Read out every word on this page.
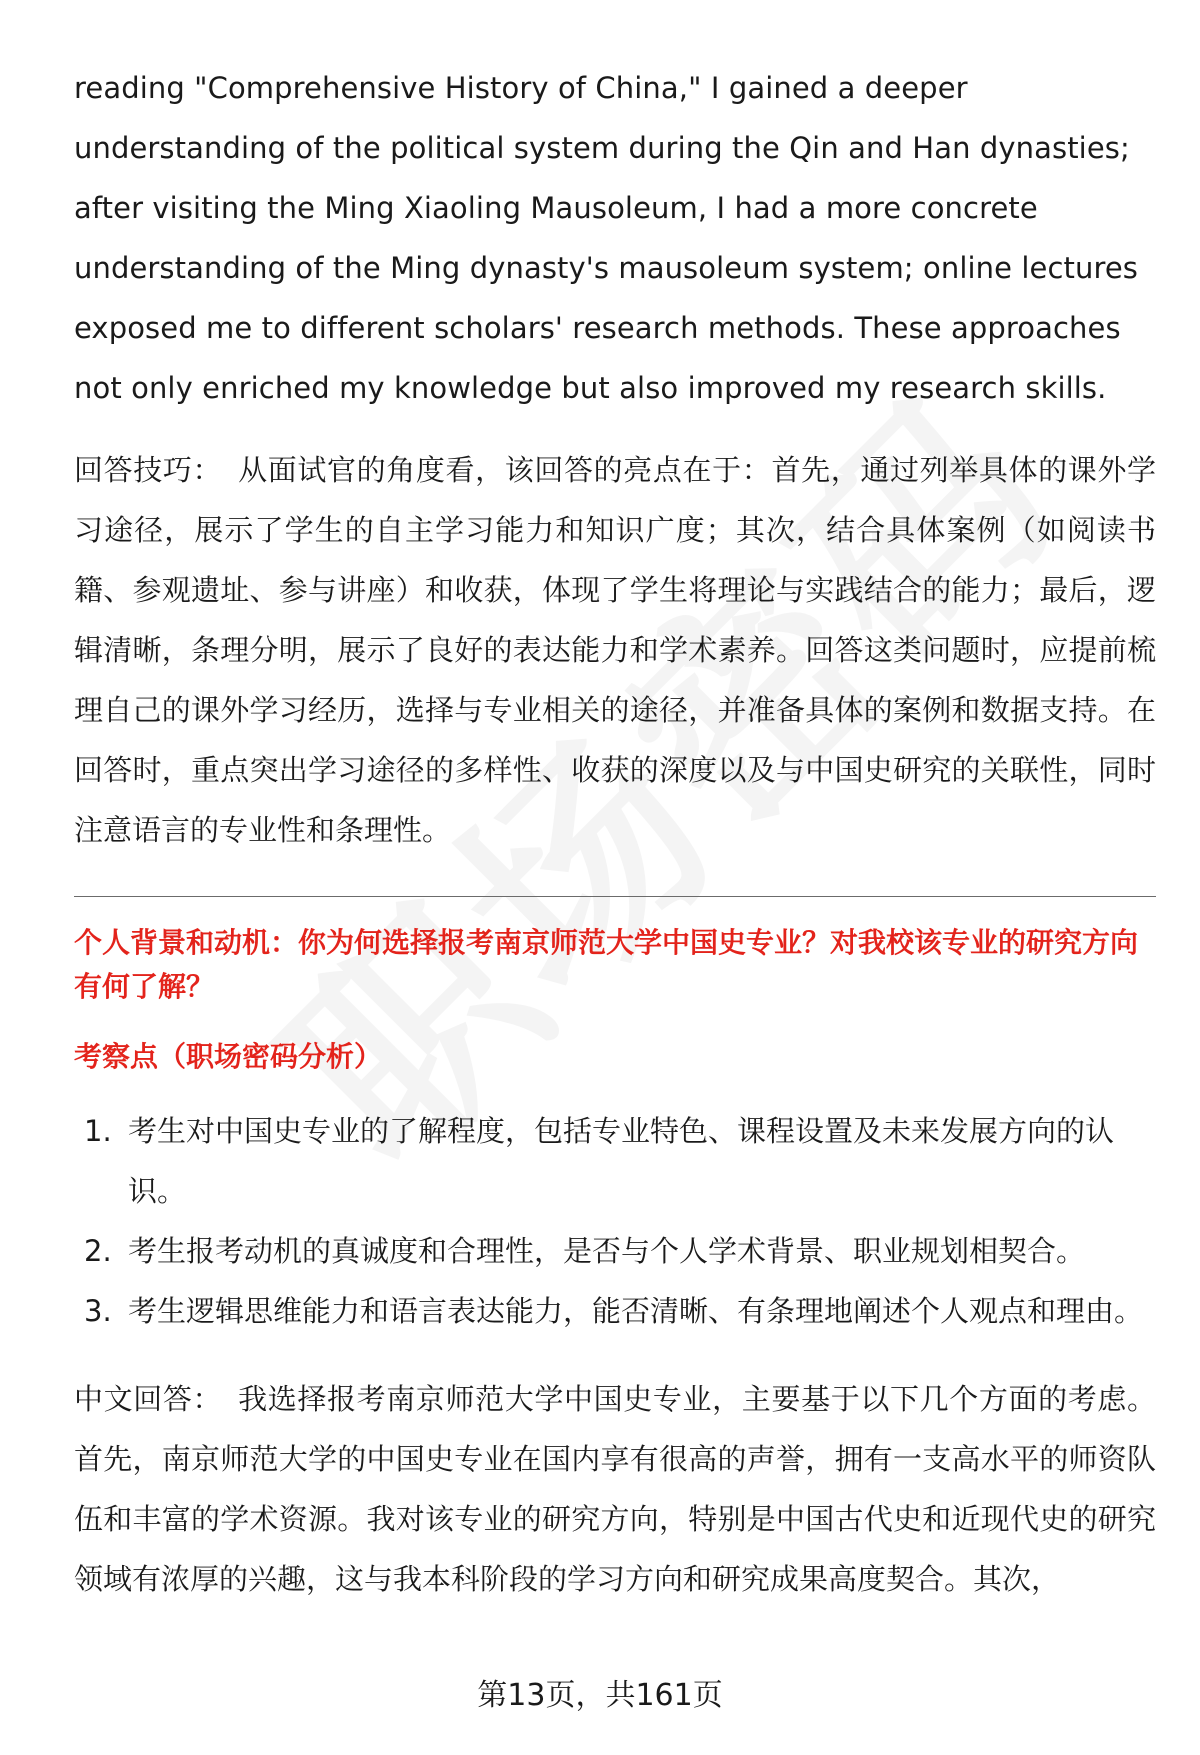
reading "Comprehensive History of China," I gained a deeper understanding of the political system during the Qin and Han dynasties; after visiting the Ming Xiaoling Mausoleum, I had a more concrete understanding of the Ming dynasty's mausoleum system; online lectures exposed me to different scholars' research methods. These approaches not only enriched my knowledge but also improved my research skills.

回答技巧： 从面试官的角度看，该回答的亮点在于：首先，通过列举具体的课外学习途径，展示了学生的自主学习能力和知识广度；其次，结合具体案例（如阅读书籍、参观遗址、参与讲座）和收获，体现了学生将理论与实践结合的能力；最后，逻辑清晰，条理分明，展示了良好的表达能力和学术素养。回答这类问题时，应提前梳理自己的课外学习经历，选择与专业相关的途径，并准备具体的案例和数据支持。在回答时，重点突出学习途径的多样性、收获的深度以及与中国史研究的关联性，同时注意语言的专业性和条理性。

个人背景和动机：你为何选择报考南京师范大学中国史专业？对我校该专业的研究方向有何了解？
考察点（职场密码分析）
1. 考生对中国史专业的了解程度，包括专业特色、课程设置及未来发展方向的认识。
2. 考生报考动机的真诚度和合理性，是否与个人学术背景、职业规划相契合。
3. 考生逻辑思维能力和语言表达能力，能否清晰、有条理地阐述个人观点和理由。

中文回答： 我选择报考南京师范大学中国史专业，主要基于以下几个方面的考虑。首先，南京师范大学的中国史专业在国内享有很高的声誉，拥有一支高水平的师资队伍和丰富的学术资源。我对该专业的研究方向，特别是中国古代史和近现代史的研究领域有浓厚的兴趣，这与我本科阶段的学习方向和研究成果高度契合。其次，

第13页，共161页
